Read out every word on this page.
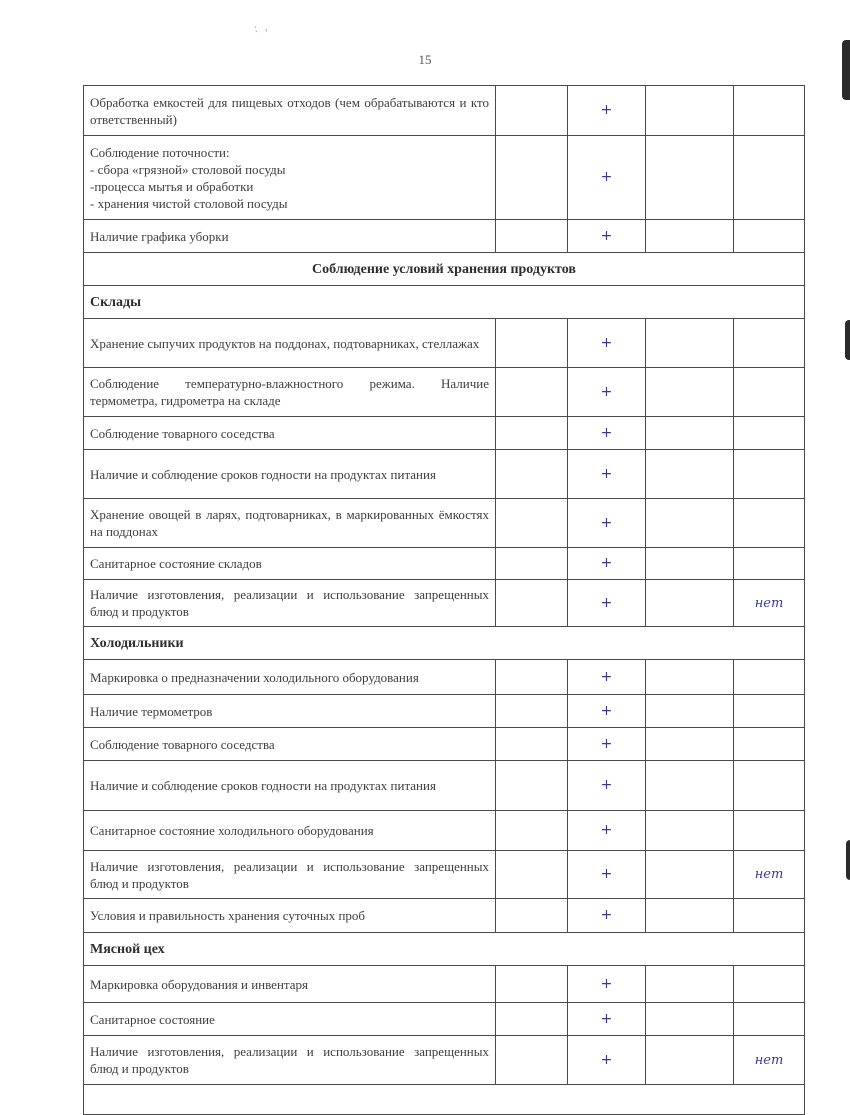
: ,
15
Обработка емкостей для пищевых отходов (чем обрабатываются и кто ответственный)		+		
Соблюдение поточности:
- сбора «грязной» столовой посуды
-процесса мытья и обработки
- хранения чистой столовой посуды		+		
Наличие графика уборки		+		
Соблюдение условий хранения продуктов				
Склады				
Хранение сыпучих продуктов на поддонах, подтоварниках, стеллажах		+		
Соблюдение температурно-влажностного режима. Наличие термометра, гидрометра на складе		+		
Соблюдение товарного соседства		+		
Наличие и соблюдение сроков годности на продуктах питания		+		
Хранение овощей в ларях, подтоварниках, в маркированных ёмкостях на поддонах		+		
Санитарное состояние складов		+		
Наличие изготовления, реализации и использование запрещенных блюд и продуктов		+		нет
Холодильники				
Маркировка о предназначении холодильного оборудования		+		
Наличие термометров		+		
Соблюдение товарного соседства		+		
Наличие и соблюдение сроков годности на продуктах питания		+		
Санитарное состояние холодильного оборудования		+		
Наличие изготовления, реализации и использование запрещенных блюд и продуктов		+		нет
Условия и правильность хранения суточных проб		+		
Мясной цех				
Маркировка оборудования и инвентаря		+		
Санитарное состояние		+		
Наличие изготовления, реализации и использование запрещенных блюд и продуктов		+		нет
